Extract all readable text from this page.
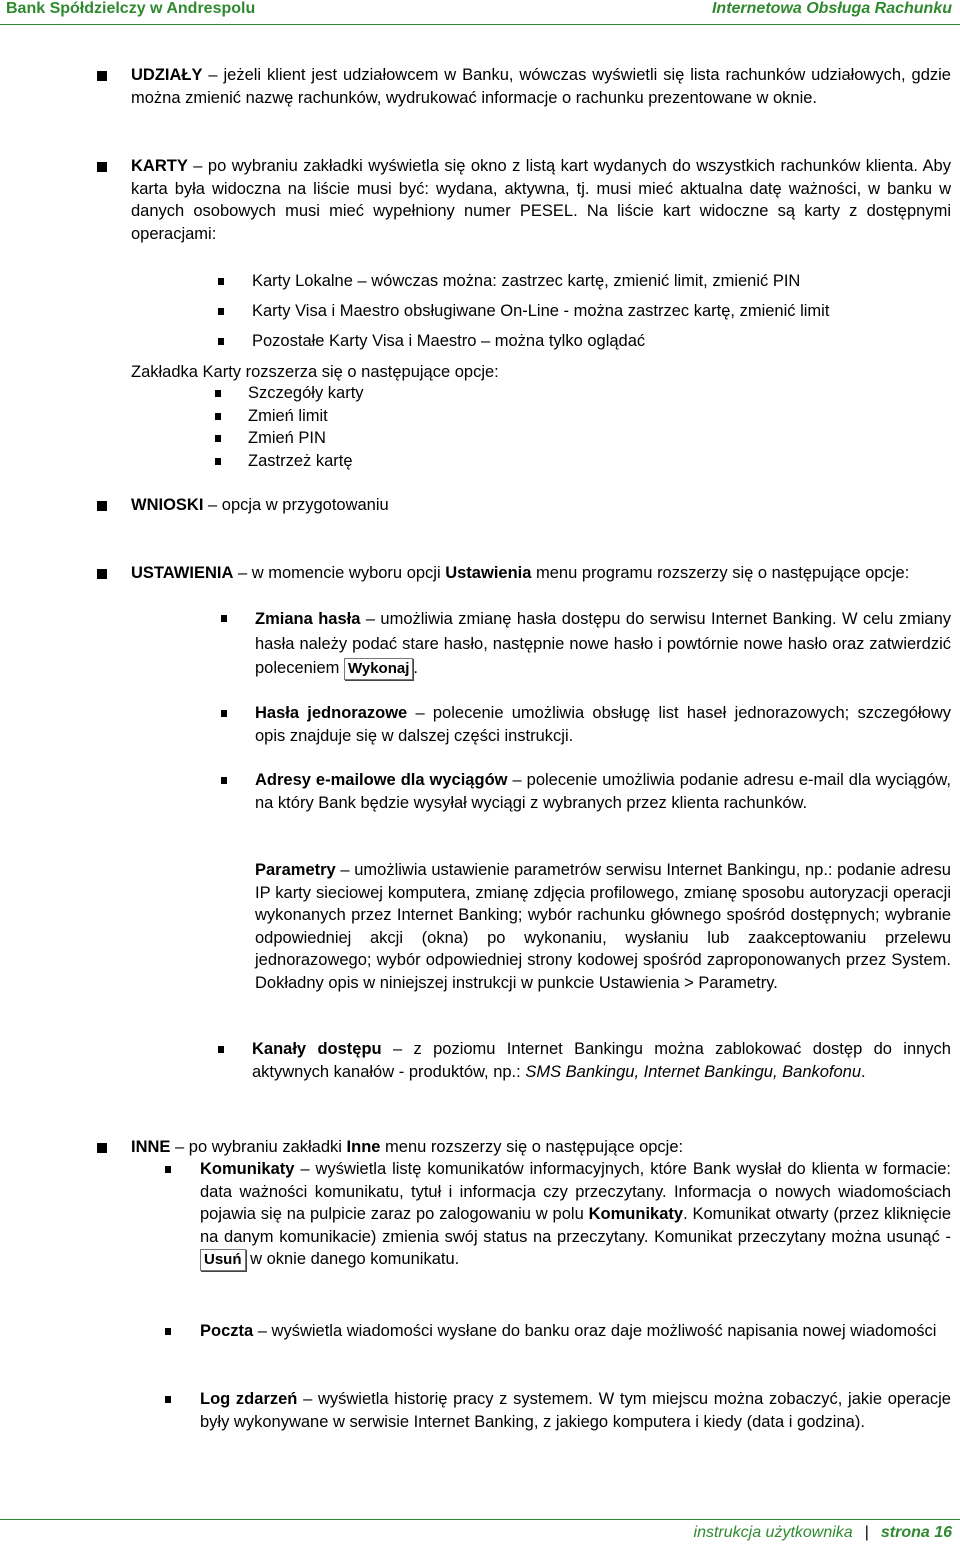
Bank Spółdzielczy w Andrespolu	Internetowa Obsługa Rachunku
UDZIAŁY – jeżeli klient jest udziałowcem w Banku, wówczas wyświetli się lista rachunków udziałowych, gdzie można zmienić nazwę rachunków, wydrukować informacje o rachunku prezentowane w oknie.
KARTY – po wybraniu zakładki wyświetla się okno z listą kart wydanych do wszystkich rachunków klienta. Aby karta była widoczna na liście musi być: wydana, aktywna, tj. musi mieć aktualna datę ważności, w banku w danych osobowych musi mieć wypełniony numer PESEL. Na liście kart widoczne są karty z dostępnymi operacjami:
Karty Lokalne – wówczas można: zastrzec kartę, zmienić limit, zmienić PIN
Karty Visa i Maestro obsługiwane On-Line - można zastrzec kartę, zmienić limit
Pozostałe Karty Visa i Maestro – można tylko oglądać
Zakładka Karty rozszerza się o następujące opcje:
Szczegóły karty
Zmień limit
Zmień PIN
Zastrzeż kartę
WNIOSKI – opcja w przygotowaniu
USTAWIENIA – w momencie wyboru opcji Ustawienia menu programu rozszerzy się o następujące opcje:
Zmiana hasła – umożliwia zmianę hasła dostępu do serwisu Internet Banking. W celu zmiany hasła należy podać stare hasło, następnie nowe hasło i powtórnie nowe hasło oraz zatwierdzić poleceniem Wykonaj .
Hasła jednorazowe – polecenie umożliwia obsługę list haseł jednorazowych; szczegółowy opis znajduje się w dalszej części instrukcji.
Adresy e-mailowe dla wyciągów – polecenie umożliwia podanie adresu e-mail dla wyciągów, na który Bank będzie wysyłał wyciągi z wybranych przez klienta rachunków.
Parametry – umożliwia ustawienie parametrów serwisu Internet Bankingu, np.: podanie adresu IP karty sieciowej komputera, zmianę zdjęcia profilowego, zmianę sposobu autoryzacji operacji wykonanych przez Internet Banking; wybór rachunku głównego spośród dostępnych; wybranie odpowiedniej akcji (okna) po wykonaniu, wysłaniu lub zaakceptowaniu przelewu jednorazowego; wybór odpowiedniej strony kodowej spośród zaproponowanych przez System. Dokładny opis w niniejszej instrukcji w punkcie Ustawienia > Parametry.
Kanały dostępu – z poziomu Internet Bankingu można zablokować dostęp do innych aktywnych kanałów - produktów, np.: SMS Bankingu, Internet Bankingu, Bankofonu.
INNE – po wybraniu zakładki Inne menu rozszerzy się o następujące opcje:
Komunikaty – wyświetla listę komunikatów informacyjnych, które Bank wysłał do klienta w formacie: data ważności komunikatu, tytuł i informacja czy przeczytany. Informacja o nowych wiadomościach pojawia się na pulpicie zaraz po zalogowaniu w polu Komunikaty. Komunikat otwarty (przez kliknięcie na danym komunikacie) zmienia swój status na przeczytany. Komunikat przeczytany można usunąć - Usuń w oknie danego komunikatu.
Poczta – wyświetla wiadomości wysłane do banku oraz daje możliwość napisania nowej wiadomości
Log zdarzeń – wyświetla historię pracy z systemem. W tym miejscu można zobaczyć, jakie operacje były wykonywane w serwisie Internet Banking, z jakiego komputera i kiedy (data i godzina).
instrukcja użytkownika | strona 16
